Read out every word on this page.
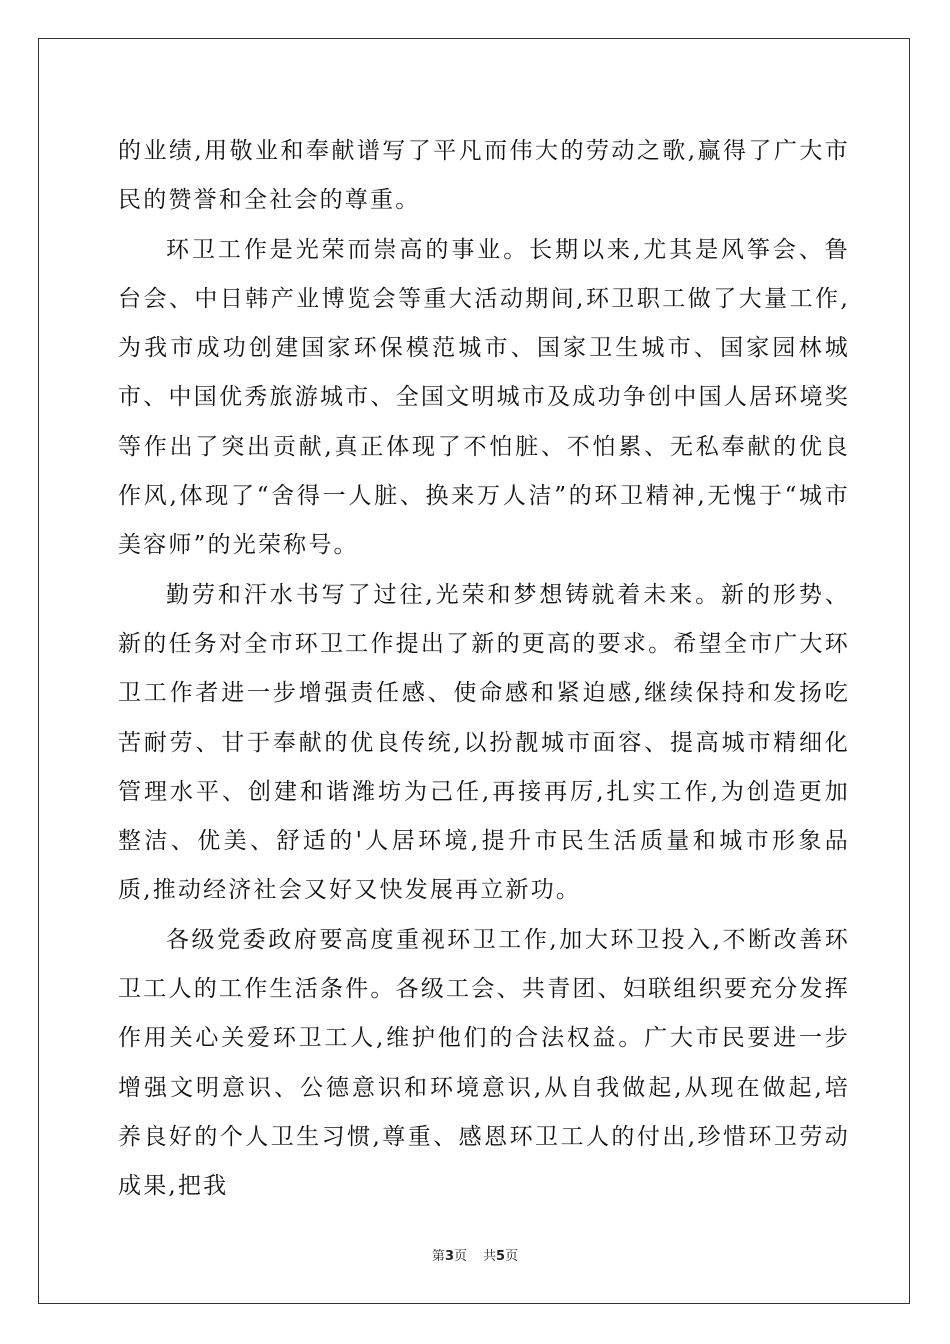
的业绩,用敬业和奉献谱写了平凡而伟大的劳动之歌,赢得了广大市民的赞誉和全社会的尊重。

环卫工作是光荣而崇高的事业。长期以来,尤其是风筝会、鲁台会、中日韩产业博览会等重大活动期间,环卫职工做了大量工作,为我市成功创建国家环保模范城市、国家卫生城市、国家园林城市、中国优秀旅游城市、全国文明城市及成功争创中国人居环境奖等作出了突出贡献,真正体现了不怕脏、不怕累、无私奉献的优良作风,体现了“舍得一人脏、换来万人洁”的环卫精神,无愧于“城市美容师”的光荣称号。

勤劳和汗水书写了过往,光荣和梦想铸就着未来。新的形势、新的任务对全市环卫工作提出了新的更高的要求。希望全市广大环卫工作者进一步增强责任感、使命感和紧迫感,继续保持和发扬吃苦耐劳、甘于奉献的优良传统,以扮靓城市面容、提高城市精细化管理水平、创建和谐潍坊为己任,再接再厉,扎实工作,为创造更加整洁、优美、舒适的'人居环境,提升市民生活质量和城市形象品质,推动经济社会又好又快发展再立新功。

各级党委政府要高度重视环卫工作,加大环卫投入,不断改善环卫工人的工作生活条件。各级工会、共青团、妇联组织要充分发挥作用关心关爱环卫工人,维护他们的合法权益。广大市民要进一步增强文明意识、公德意识和环境意识,从自我做起,从现在做起,培养良好的个人卫生习惯,尊重、感恩环卫工人的付出,珍惜环卫劳动成果,把我

第3页 共5页
